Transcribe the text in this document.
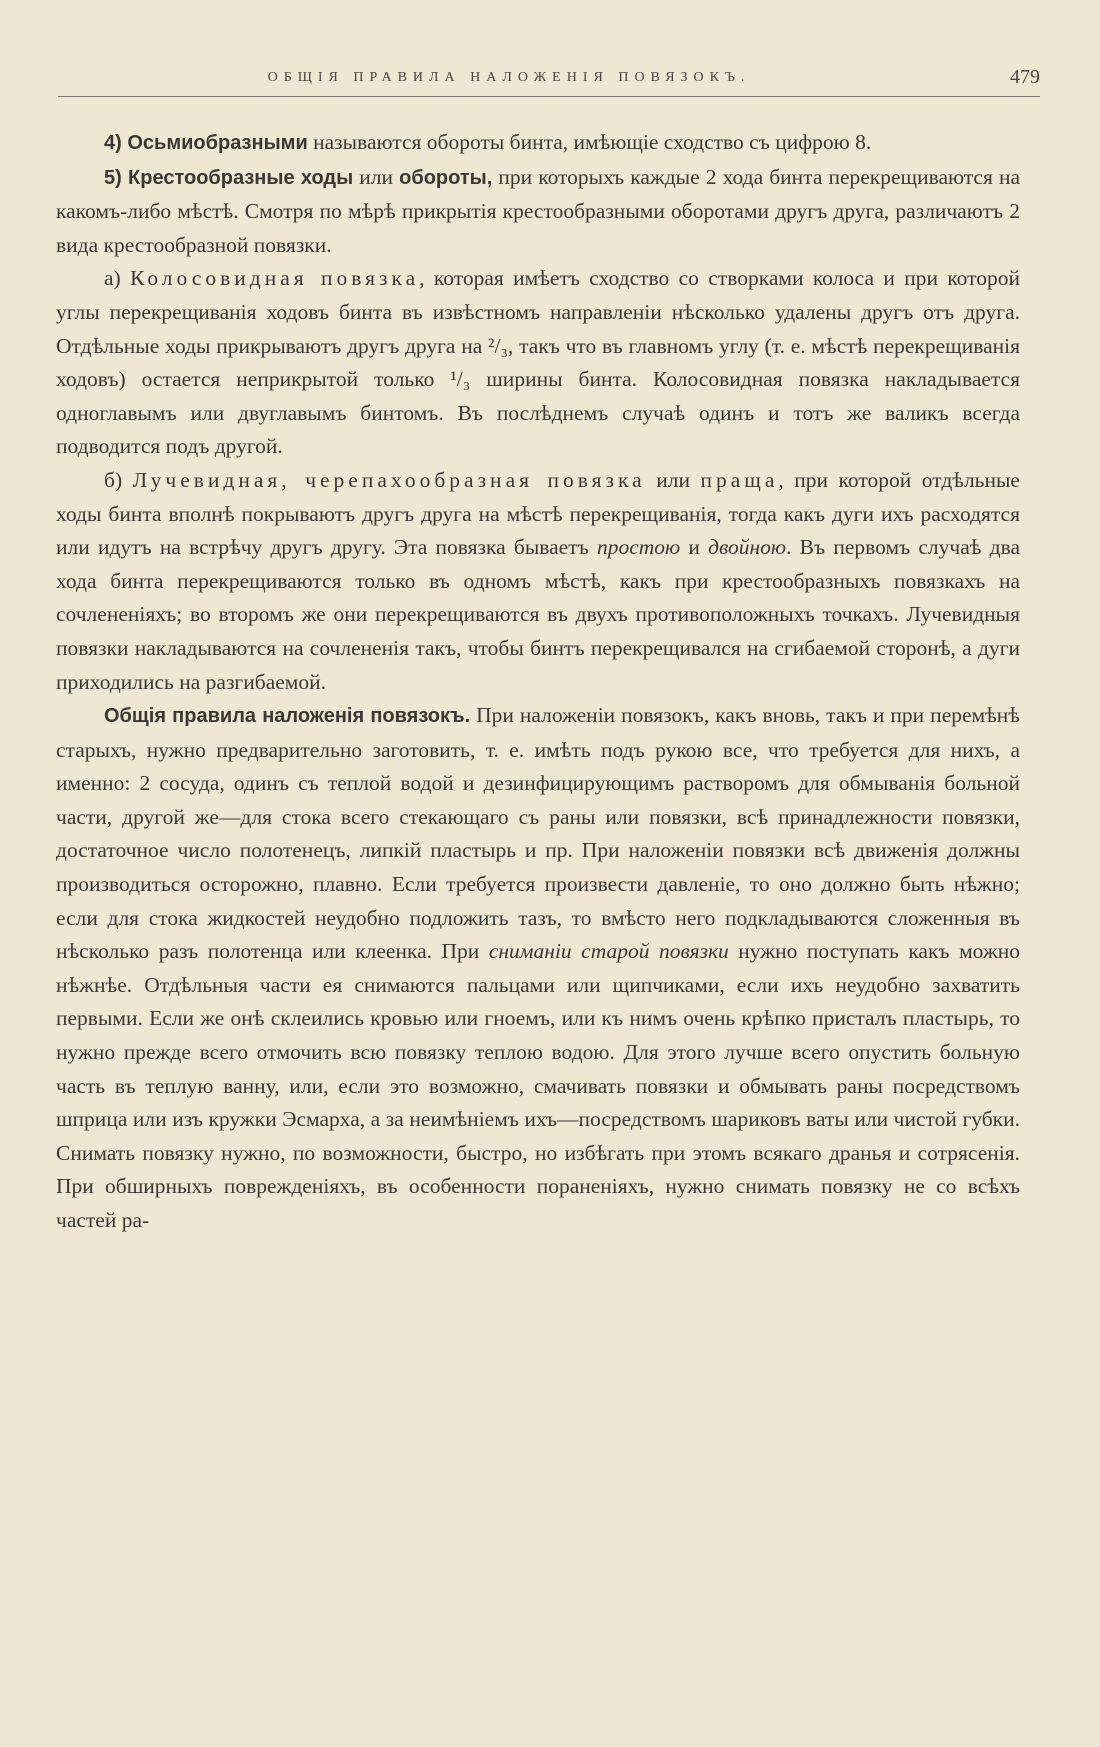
ОБЩІЯ ПРАВИЛА НАЛОЖЕНІЯ ПОВЯЗОКЪ.	479

4) Осьмиобразными называются обороты бинта, имѣющіе сходство съ цифрою 8.

5) Крестообразные ходы или обороты, при которыхъ каждые 2 хода бинта перекрещиваются на какомъ-либо мѣстѣ. Смотря по мѣрѣ прикрытія крестообразными оборотами другъ друга, различаютъ 2 вида крестообразной повязки.

а) Колосовидная повязка, которая имѣетъ сходство со створками колоса и при которой углы перекрещиванія ходовъ бинта въ извѣстномъ направленіи нѣсколько удалены другъ отъ друга. Отдѣльные ходы прикрываютъ другъ друга на ²/₃, такъ что въ главномъ углу (т. е. мѣстѣ перекрещиванія ходовъ) остается неприкрытой только ¹/₃ ширины бинта. Колосовидная повязка накладывается одноглавымъ или двуглавымъ бинтомъ. Въ послѣднемъ случаѣ одинъ и тотъ же валикъ всегда подводится подъ другой.

б) Лучевидная, черепахообразная повязка или праща, при которой отдѣльные ходы бинта вполнѣ покрываютъ другъ друга на мѣстѣ перекрещиванія, тогда какъ дуги ихъ расходятся или идутъ на встрѣчу другъ другу. Эта повязка бываетъ простою и двойною. Въ первомъ случаѣ два хода бинта перекрещиваются только въ одномъ мѣстѣ, какъ при крестообразныхъ повязкахъ на сочлененіяхъ; во второмъ же они перекрещиваются въ двухъ противоположныхъ точкахъ. Лучевидныя повязки накладываются на сочлененія такъ, чтобы бинтъ перекрещивался на сгибаемой сторонѣ, а дуги приходились на разгибаемой.

Общія правила наложенія повязокъ. При наложеніи повязокъ, какъ вновь, такъ и при перемѣнѣ старыхъ, нужно предварительно заготовить, т. е. имѣть подъ рукою все, что требуется для нихъ, а именно: 2 сосуда, одинъ съ теплой водой и дезинфицирующимъ растворомъ для обмыванія больной части, другой же—для стока всего стекающаго съ раны или повязки, всѣ принадлежности повязки, достаточное число полотенецъ, липкій пластырь и пр. При наложеніи повязки всѣ движенія должны производиться осторожно, плавно. Если требуется произвести давленіе, то оно должно быть нѣжно; если для стока жидкостей неудобно подложить тазъ, то вмѣсто него подкладываются сложенныя въ нѣсколько разъ полотенца или клеенка. При сниманіи старой повязки нужно поступать какъ можно нѣжнѣе. Отдѣльныя части ея снимаются пальцами или щипчиками, если ихъ неудобно захватить первыми. Если же онѣ склеились кровью или гноемъ, или къ нимъ очень крѣпко присталъ пластырь, то нужно прежде всего отмочить всю повязку теплою водою. Для этого лучше всего опустить больную часть въ теплую ванну, или, если это возможно, смачивать повязки и обмывать раны посредствомъ шприца или изъ кружки Эсмарха, а за неимѣніемъ ихъ—посредствомъ шариковъ ваты или чистой губки. Снимать повязку нужно, по возможности, быстро, но избѣгать при этомъ всякаго дранья и сотрясенія. При обширныхъ поврежденіяхъ, въ особенности пораненіяхъ, нужно снимать повязку не со всѣхъ частей ра-
